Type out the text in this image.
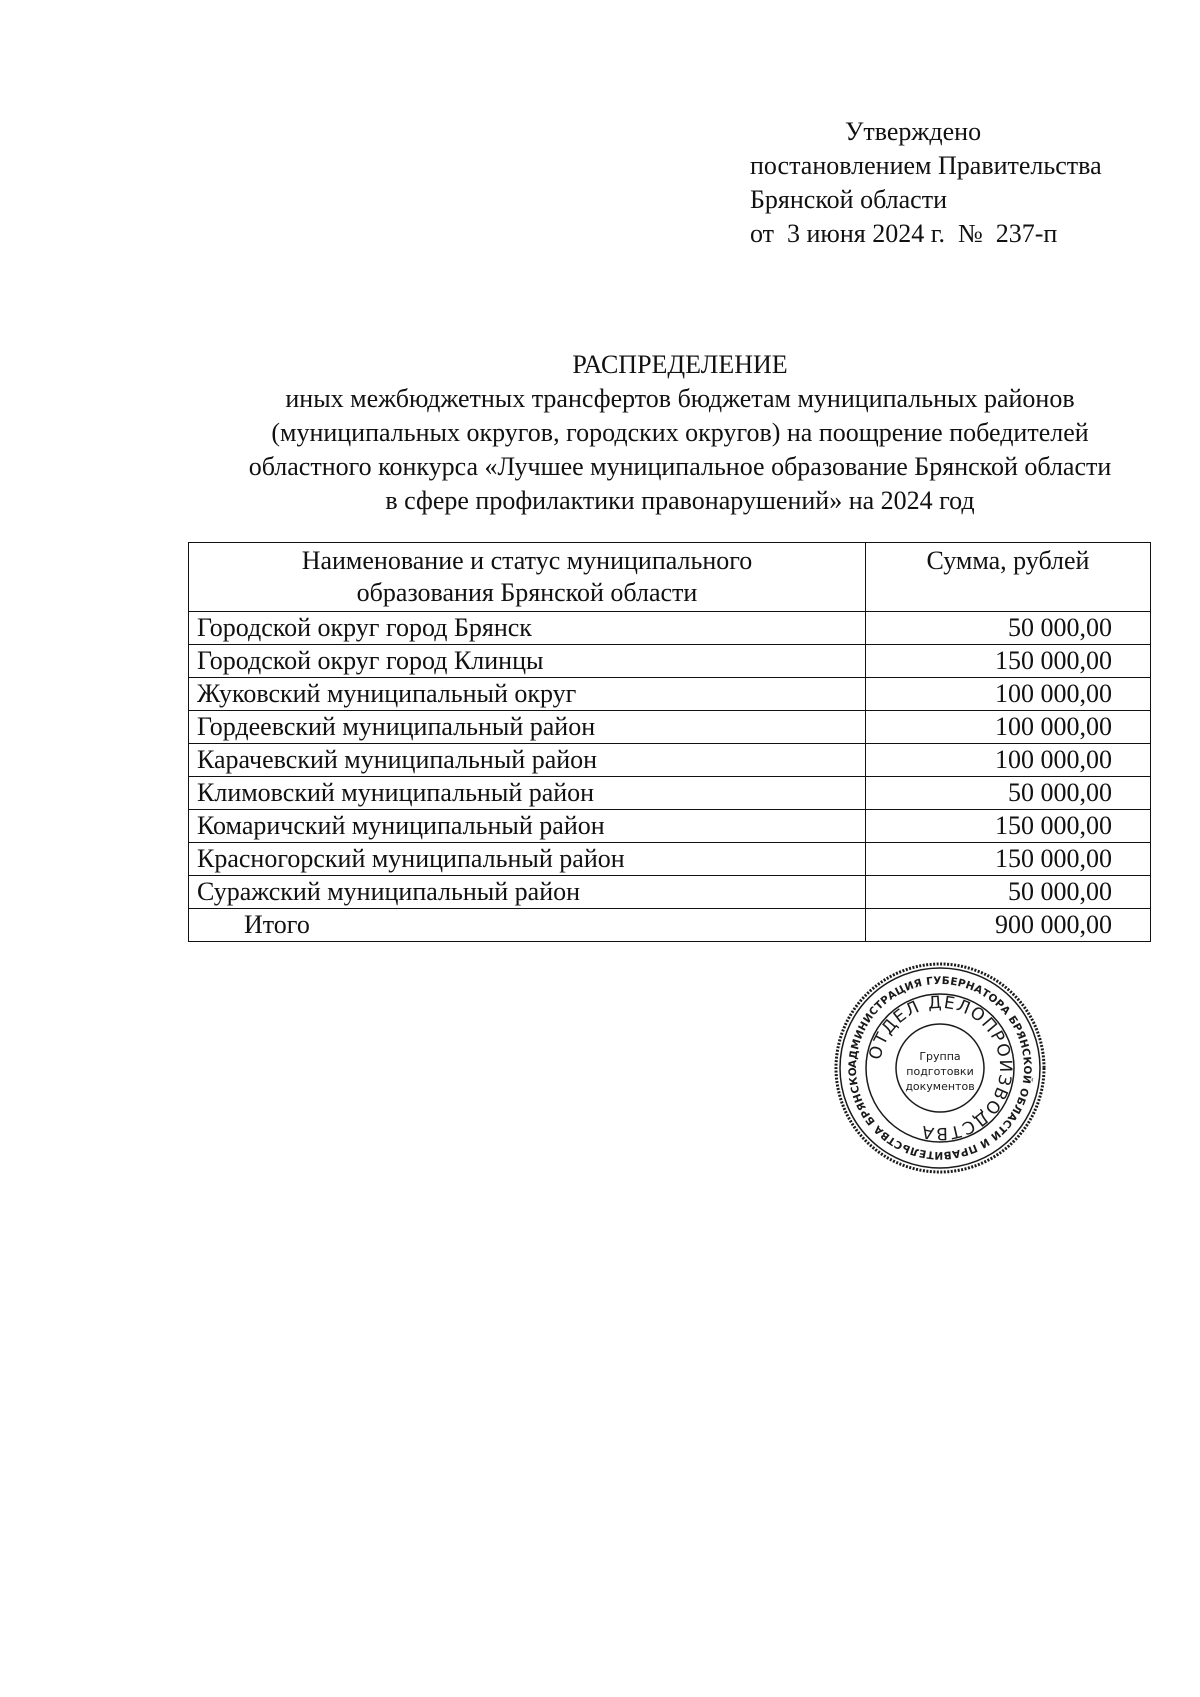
Утверждено
постановлением Правительства
Брянской области
от  3 июня 2024 г.  №  237-п
РАСПРЕДЕЛЕНИЕ
иных межбюджетных трансфертов бюджетам муниципальных районов
(муниципальных округов, городских округов) на поощрение победителей
областного конкурса «Лучшее муниципальное образование Брянской области
в сфере профилактики правонарушений» на 2024 год
Наименование и статус муниципального
образования Брянской области	Сумма, рублей
Городской округ город Брянск	50 000,00
Городской округ город Клинцы	150 000,00
Жуковский муниципальный округ	100 000,00
Гордеевский муниципальный район	100 000,00
Карачевский муниципальный район	100 000,00
Климовский муниципальный район	50 000,00
Комаричский муниципальный район	150 000,00
Красногорский муниципальный район	150 000,00
Суражский муниципальный район	50 000,00
Итого	900 000,00
АДМИНИСТРАЦИЯ ГУБЕРНАТОРА БРЯНСКОЙ ОБЛАСТИ И ПРАВИТЕЛЬСТВА БРЯНСКО
ОТДЕЛ ДЕЛОПРОИЗВОДСТВА
Группа
подготовки
документов
